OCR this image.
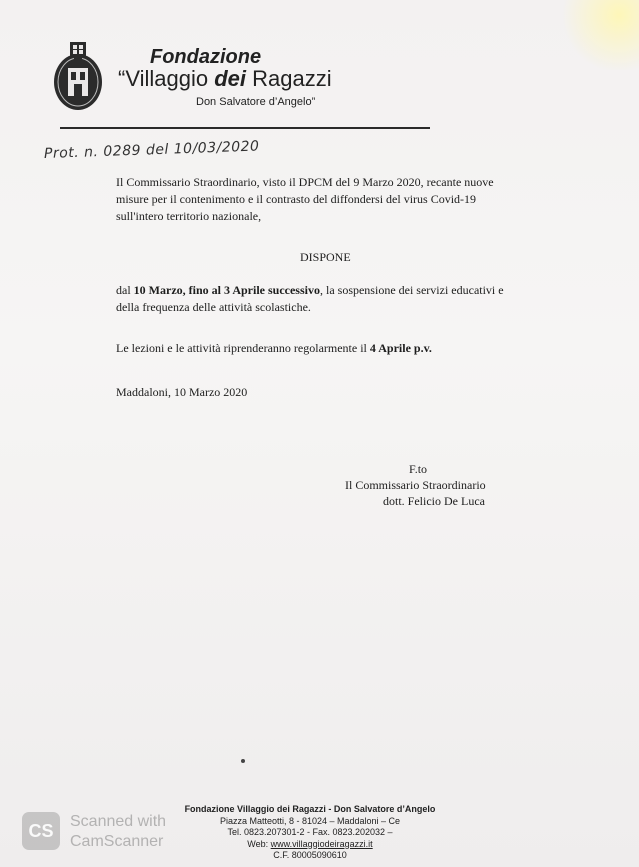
Fondazione
“Villaggio dei Ragazzi
Don Salvatore d’Angelo”
Prot. n. 0289 del 10/03/2020

Il Commissario Straordinario, visto il DPCM del 9 Marzo 2020, recante nuove misure per il contenimento e il contrasto del diffondersi del virus Covid-19 sull'intero territorio nazionale,

DISPONE

dal 10 Marzo, fino al 3 Aprile successivo, la sospensione dei servizi educativi e della frequenza delle attività scolastiche.

Le lezioni e le attività riprenderanno regolarmente il 4 Aprile p.v.

Maddaloni, 10 Marzo 2020
F.to
Il Commissario Straordinario
dott. Felicio De Luca
Fondazione Villaggio dei Ragazzi - Don Salvatore d’Angelo
Piazza Matteotti, 8 - 81024 – Maddaloni – Ce
Tel. 0823.207301-2 - Fax. 0823.202032 –
Web: www.villaggiodeiragazzi.it
C.F. 80005090610
CS	Scanned with
CamScanner
